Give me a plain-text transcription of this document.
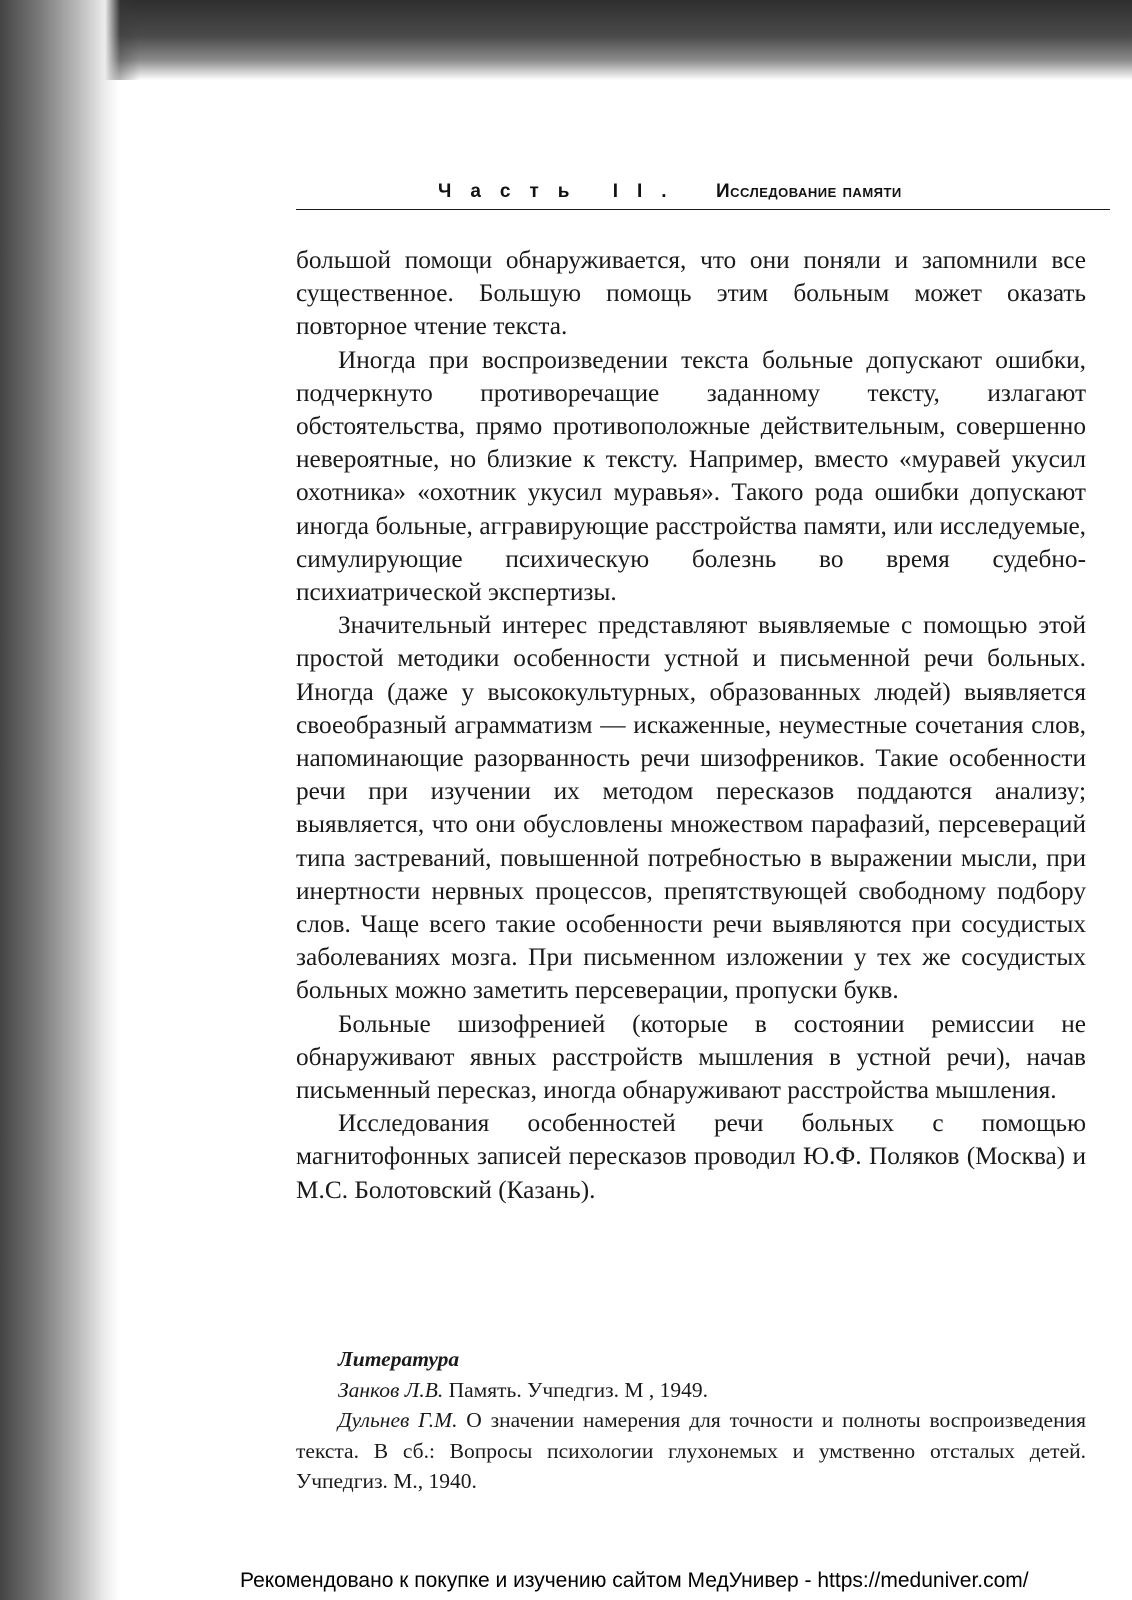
Часть II. Исследование памяти

большой помощи обнаруживается, что они поняли и запомнили все существенное. Большую помощь этим больным может оказать повторное чтение текста.

Иногда при воспроизведении текста больные допускают ошибки, подчеркнуто противоречащие заданному тексту, излагают обстоятельства, прямо противоположные действительным, совершенно невероятные, но близкие к тексту. Например, вместо «муравей укусил охотника» «охотник укусил муравья». Такого рода ошибки допускают иногда больные, аггравирующие расстройства памяти, или исследуемые, симулирующие психическую болезнь во время судебно-психиатрической экспертизы.

Значительный интерес представляют выявляемые с помощью этой простой методики особенности устной и письменной речи больных. Иногда (даже у высококультурных, образованных людей) выявляется своеобразный аграмматизм — искаженные, неуместные сочетания слов, напоминающие разорванность речи шизофреников. Такие особенности речи при изучении их методом пересказов поддаются анализу; выявляется, что они обусловлены множеством парафазий, персевераций типа застреваний, повышенной потребностью в выражении мысли, при инертности нервных процессов, препятствующей свободному подбору слов. Чаще всего такие особенности речи выявляются при сосудистых заболеваниях мозга. При письменном изложении у тех же сосудистых больных можно заметить персеверации, пропуски букв.

Больные шизофренией (которые в состоянии ремиссии не обнаруживают явных расстройств мышления в устной речи), начав письменный пересказ, иногда обнаруживают расстройства мышления.

Исследования особенностей речи больных с помощью магнитофонных записей пересказов проводил Ю.Ф. Поляков (Москва) и М.С. Болотовский (Казань).

Литература

Занков Л.В. Память. Учпедгиз. М , 1949.

Дульнев Г.М. О значении намерения для точности и полноты воспроизведения текста. В сб.: Вопросы психологии глухонемых и умственно отсталых детей. Учпедгиз. М., 1940.

Рекомендовано к покупке и изучению сайтом МедУнивер - https://meduniver.com/
